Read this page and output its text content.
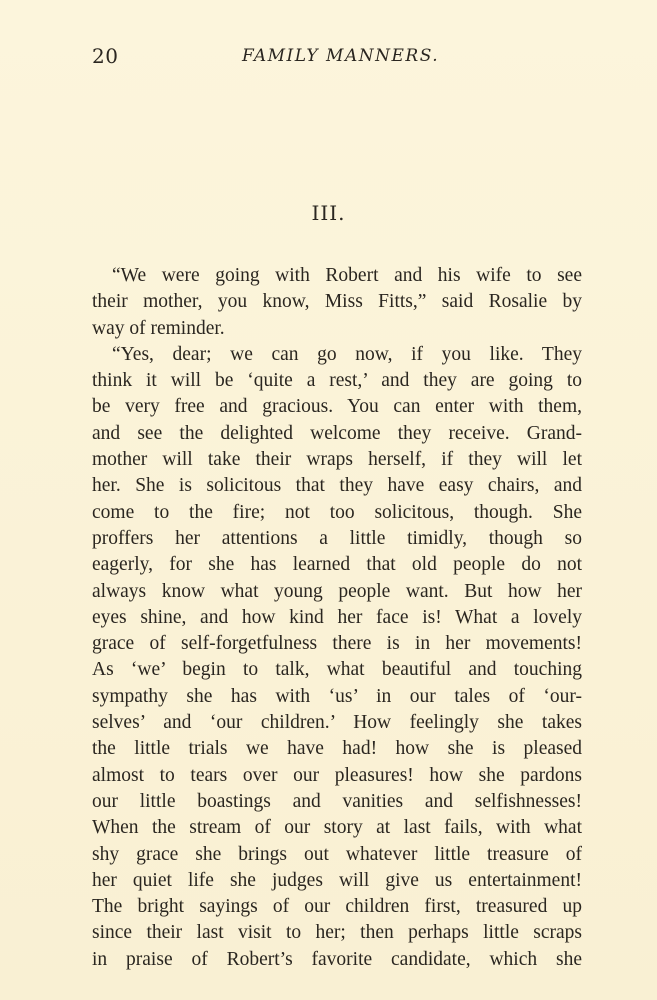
20	FAMILY MANNERS.
III.
“We were going with Robert and his wife to see
their mother, you know, Miss Fitts,” said Rosalie by
way of reminder.
“Yes, dear; we can go now, if you like. They
think it will be ‘quite a rest,’ and they are going to
be very free and gracious. You can enter with them,
and see the delighted welcome they receive. Grand-
mother will take their wraps herself, if they will let
her. She is solicitous that they have easy chairs, and
come to the fire; not too solicitous, though. She
proffers her attentions a little timidly, though so
eagerly, for she has learned that old people do not
always know what young people want. But how her
eyes shine, and how kind her face is! What a lovely
grace of self-forgetfulness there is in her movements!
As ‘we’ begin to talk, what beautiful and touching
sympathy she has with ‘us’ in our tales of ‘our-
selves’ and ‘our children.’ How feelingly she takes
the little trials we have had! how she is pleased
almost to tears over our pleasures! how she pardons
our little boastings and vanities and selfishnesses!
When the stream of our story at last fails, with what
shy grace she brings out whatever little treasure of
her quiet life she judges will give us entertainment!
The bright sayings of our children first, treasured up
since their last visit to her; then perhaps little scraps
in praise of Robert’s favorite candidate, which she
